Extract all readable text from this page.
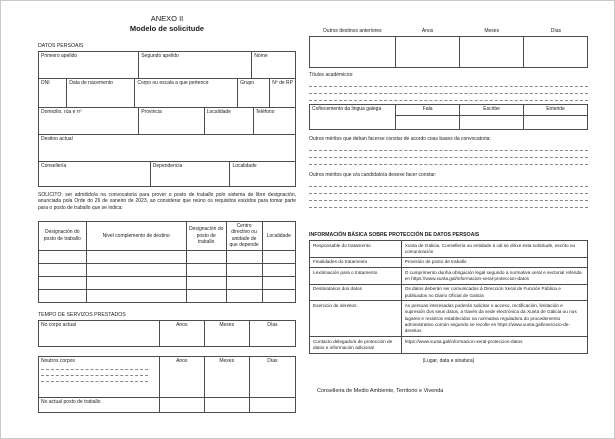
ANEXO II
Modelo de solicitude
DATOS PERSOAIS
Primeiro apelido	Segundo apelido	Nome
DNI	Data de nacemento	Corpo ou escala a que pertence	Grupo	Nº de RP
Domicilio, rúa e nº	Provincia	Localidade	Teléfono
Destino actual
Consellería	Dependencia	Localidade

SOLICITO: ser admitido/a na convocatoria para prover o posto de traballo polo sistema de libre designación, anunciada pola Orde do 26 de xaneiro de 2023, ao considerar que reúno os requisitos esixidos para tomar parte para o posto de traballo que se indica:

Designación do posto de traballo	Nivel complemento de destino	Designación do posto de traballo	Centro directivo ou unidade de que depende	Localidade

TEMPO DE SERVIZOS PRESTADOS
No corpo actual	Anos	Meses	Días
Noutros corpos	Anos	Meses	Días
No actual posto de traballo			
Outros destinos anteriores	Anos	Meses	Días

Títulos académicos:
Coñecemento da lingua galega	Fala	Escribe	Entende

Outros méritos que deban facerse constar de acordo coas bases da convocatoria:
Outros méritos que o/a candidato/a desexe facer constar:
INFORMACIÓN BÁSICA SOBRE PROTECCIÓN DE DATOS PERSOAIS
Responsable do tratamento	Xunta de Galicia. Consellería ou entidade á cal se dirixe esta solicitude, escrito ou comunicación
Finalidades do tratamento	Provisión de posto de traballo
Lexitimación para o tratamento	O cumprimento dunha obrigación legal segundo a normativa xeral e sectorial referida en https://www.xunta.gal/informacion-xeral-proteccion-datos
Destinatarios dos datos	Os datos deberán ser comunicados á Dirección Xeral de Función Pública e publicados no Diario Oficial de Galicia
Exercicio de dereitos	As persoas interesadas poderán solicitar o acceso, rectificación, limitación e supresión dos seus datos, a través da sede electrónica da Xunta de Galicia ou nos lugares e rexistros establecidos na normativa reguladora do procedemento administrativo común segundo se recolle en https://www.xunta.gal/exercicio-de-dereitos
Contacto delegado/a de protección de datos e información adicional	https://www.xunta.gal/informacion-xeral-proteccion-datos
(Lugar, data e sinatura)
Conselleira de Medio Ambiente, Territorio e Vivenda
